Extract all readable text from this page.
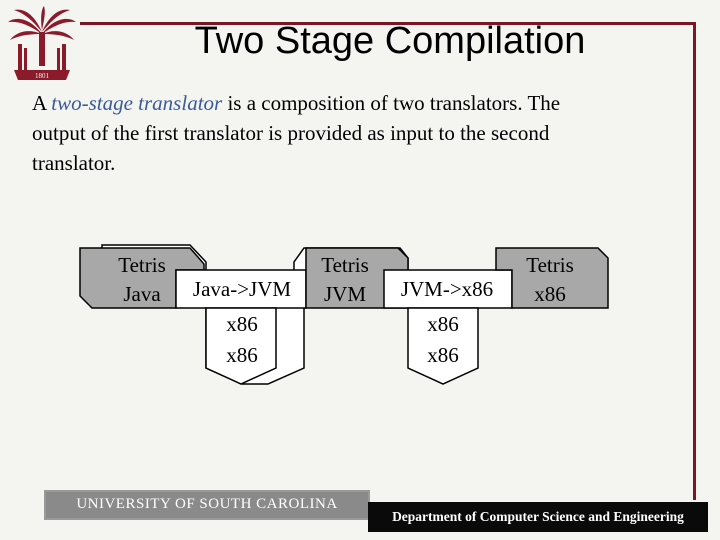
1801
Two Stage Compilation
A two-stage translator is a composition of two translators. The
output of the first translator is provided as input to the second
translator.
Tetris
Java Java->JVM
x86
x86
Tetris
JVM JVM->x86
x86
x86
Tetris
x86
UNIVERSITY OF SOUTH CAROLINA
Department of Computer Science and Engineering
